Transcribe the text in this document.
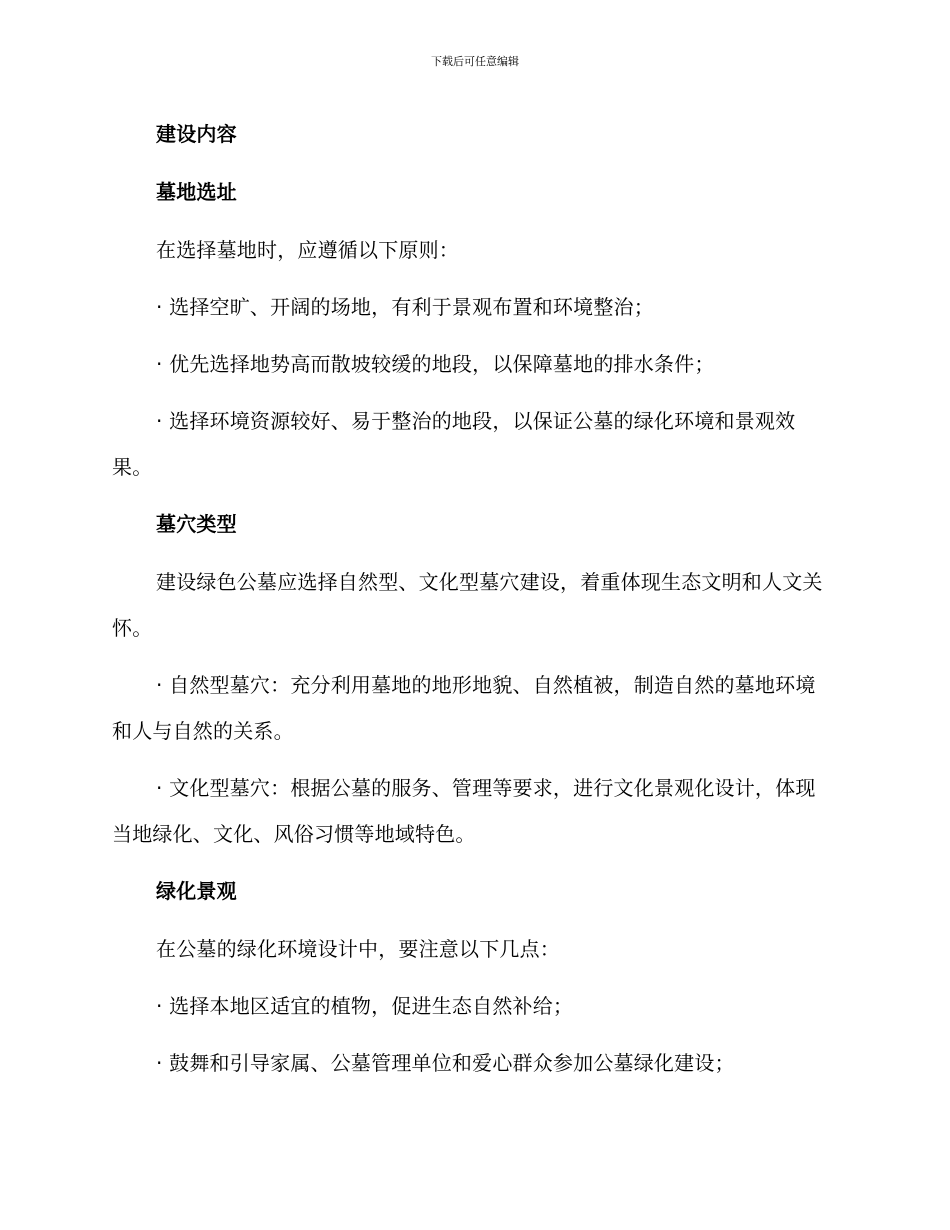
下载后可任意编辑

建设内容

墓地选址

在选择墓地时，应遵循以下原则：

· 选择空旷、开阔的场地，有利于景观布置和环境整治；

· 优先选择地势高而散坡较缓的地段，以保障墓地的排水条件；

· 选择环境资源较好、易于整治的地段，以保证公墓的绿化环境和景观效果。

墓穴类型

建设绿色公墓应选择自然型、文化型墓穴建设，着重体现生态文明和人文关怀。

· 自然型墓穴：充分利用墓地的地形地貌、自然植被，制造自然的墓地环境和人与自然的关系。

· 文化型墓穴：根据公墓的服务、管理等要求，进行文化景观化设计，体现当地绿化、文化、风俗习惯等地域特色。

绿化景观

在公墓的绿化环境设计中，要注意以下几点：

· 选择本地区适宜的植物，促进生态自然补给；

· 鼓舞和引导家属、公墓管理单位和爱心群众参加公墓绿化建设；
